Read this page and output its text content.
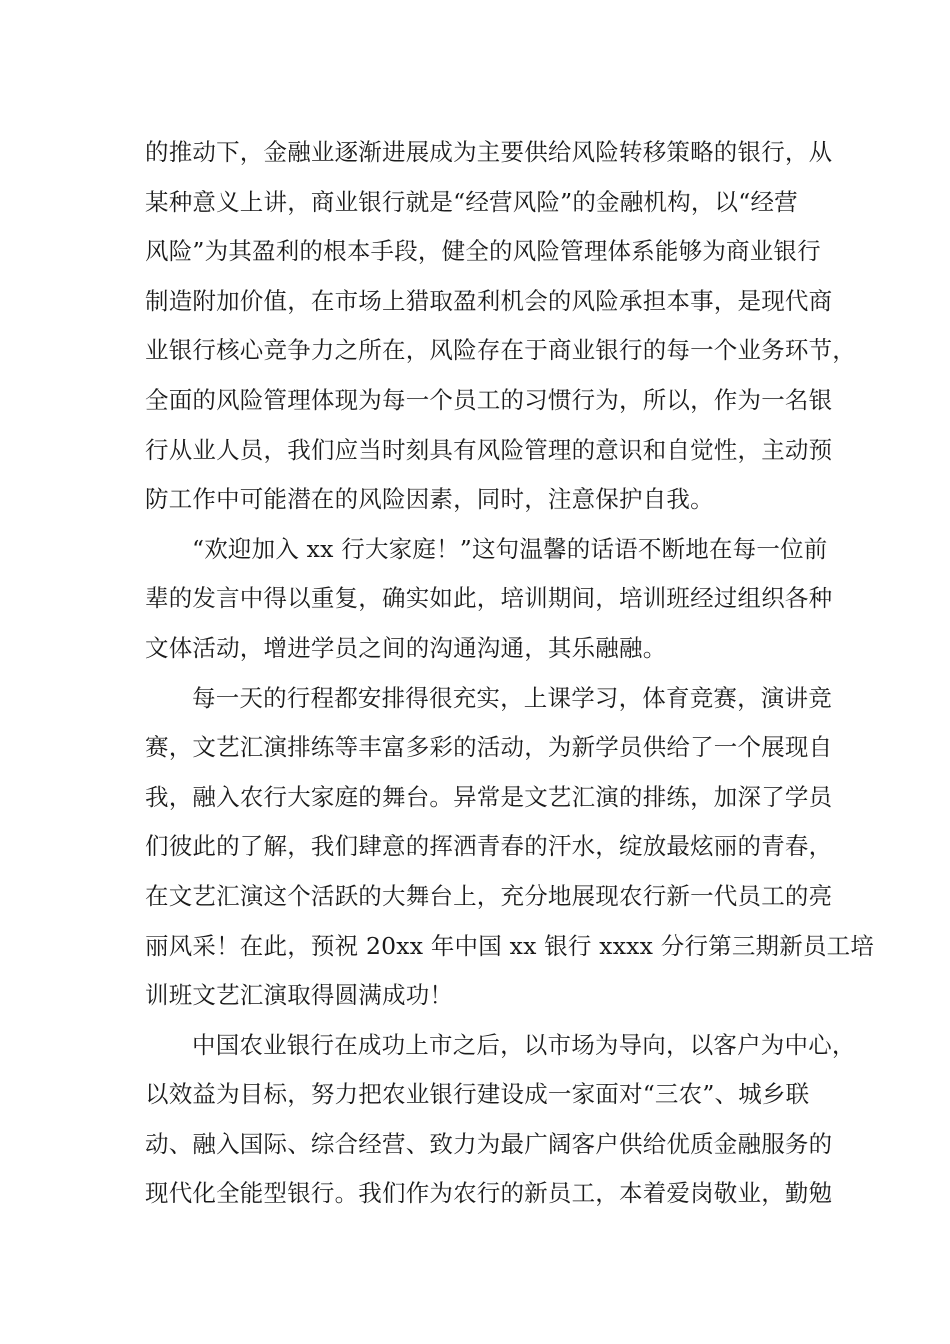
的推动下，金融业逐渐进展成为主要供给风险转移策略的银行，从
某种意义上讲，商业银行就是“经营风险”的金融机构，以“经营
风险”为其盈利的根本手段，健全的风险管理体系能够为商业银行
制造附加价值，在市场上猎取盈利机会的风险承担本事，是现代商
业银行核心竞争力之所在，风险存在于商业银行的每一个业务环节，
全面的风险管理体现为每一个员工的习惯行为，所以，作为一名银
行从业人员，我们应当时刻具有风险管理的意识和自觉性，主动预
防工作中可能潜在的风险因素，同时，注意保护自我。
“欢迎加入 xx 行大家庭！”这句温馨的话语不断地在每一位前
辈的发言中得以重复，确实如此，培训期间，培训班经过组织各种
文体活动，增进学员之间的沟通沟通，其乐融融。
每一天的行程都安排得很充实，上课学习，体育竞赛，演讲竞
赛，文艺汇演排练等丰富多彩的活动，为新学员供给了一个展现自
我，融入农行大家庭的舞台。异常是文艺汇演的排练，加深了学员
们彼此的了解，我们肆意的挥洒青春的汗水，绽放最炫丽的青春，
在文艺汇演这个活跃的大舞台上，充分地展现农行新一代员工的亮
丽风采！在此，预祝 20xx 年中国 xx 银行 xxxx 分行第三期新员工培
训班文艺汇演取得圆满成功！
中国农业银行在成功上市之后，以市场为导向，以客户为中心，
以效益为目标，努力把农业银行建设成一家面对“三农”、城乡联
动、融入国际、综合经营、致力为最广阔客户供给优质金融服务的
现代化全能型银行。我们作为农行的新员工，本着爱岗敬业，勤勉
